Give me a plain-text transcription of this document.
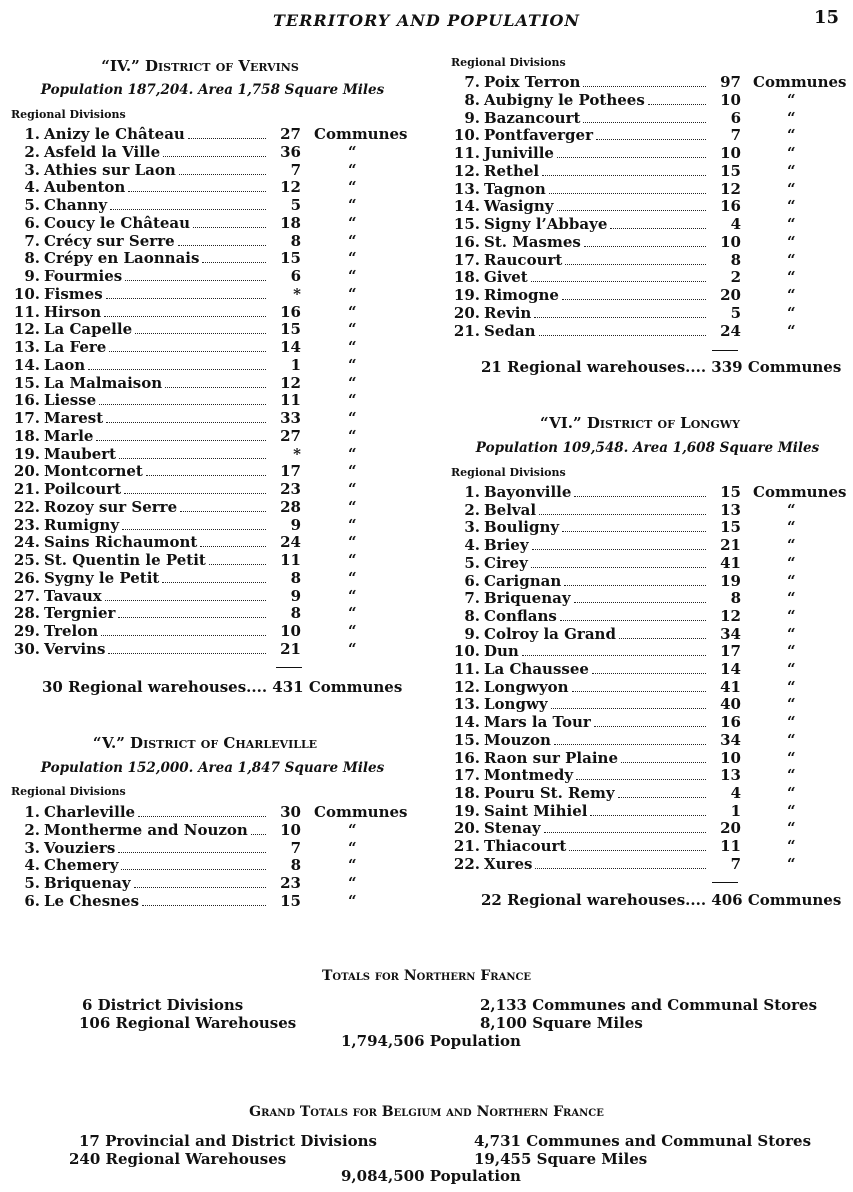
TERRITORY AND POPULATION	15
“IV.” District of Vervins
Population 187,204. Area 1,758 Square Miles
Regional Divisions
1. Anizy le Château	27 Communes
2. Asfeld la Ville	36	“
3. Athies sur Laon	7	“
4. Aubenton	12	“
5. Channy	5	“
6. Coucy le Château	18	“
7. Crécy sur Serre	8	“
8. Crépy en Laonnais	15	“
9. Fourmies	6	“
10. Fismes	*	“
11. Hirson	16	“
12. La Capelle	15	“
13. La Fere	14	“
14. Laon	1	“
15. La Malmaison	12	“
16. Liesse	11	“
17. Marest	33	“
18. Marle	27	“
19. Maubert	*	“
20. Montcornet	17	“
21. Poilcourt	23	“
22. Rozoy sur Serre	28	“
23. Rumigny	9	“
24. Sains Richaumont	24	“
25. St. Quentin le Petit	11	“
26. Sygny le Petit	8	“
27. Tavaux	9	“
28. Tergnier	8	“
29. Trelon	10	“
30. Vervins	21	“
30 Regional warehouses.... 431 Communes
“V.” District of Charleville
Population 152,000. Area 1,847 Square Miles
Regional Divisions
Regional Divisions
1. Charleville	30 Communes
2. Montherme and Nouzon	10	“
3. Vouziers	7	“
4. Chemery	8	“
5. Briquenay	23	“
6. Le Chesnes	15	“
7. Poix Terron	97 Communes
8. Aubigny le Pothees	10	“
9. Bazancourt	6	“
10. Pontfaverger	7	“
11. Juniville	10	“
12. Rethel	15	“
13. Tagnon	12	“
14. Wasigny	16	“
15. Signy l’Abbaye	4	“
16. St. Masmes	10	“
17. Raucourt	8	“
18. Givet	2	“
19. Rimogne	20	“
20. Revin	5	“
21. Sedan	24	“
21 Regional warehouses.... 339 Communes
“VI.” District of Longwy
Population 109,548. Area 1,608 Square Miles
Regional Divisions
1. Bayonville	15 Communes
2. Belval	13	“
3. Bouligny	15	“
4. Briey	21	“
5. Cirey	41	“
6. Carignan	19	“
7. Briquenay	8	“
8. Conflans	12	“
9. Colroy la Grand	34	“
10. Dun	17	“
11. La Chaussee	14	“
12. Longwyon	41	“
13. Longwy	40	“
14. Mars la Tour	16	“
15. Mouzon	34	“
16. Raon sur Plaine	10	“
17. Montmedy	13	“
18. Pouru St. Remy	4	“
19. Saint Mihiel	1	“
20. Stenay	20	“
21. Thiacourt	11	“
22. Xures	7	“
22 Regional warehouses.... 406 Communes
Totals for Northern France
6 District Divisions
106 Regional Warehouses
2,133 Communes and Communal Stores
8,100 Square Miles
1,794,506 Population
Grand Totals for Belgium and Northern France
17 Provincial and District Divisions
240 Regional Warehouses
4,731 Communes and Communal Stores
19,455 Square Miles
9,084,500 Population
